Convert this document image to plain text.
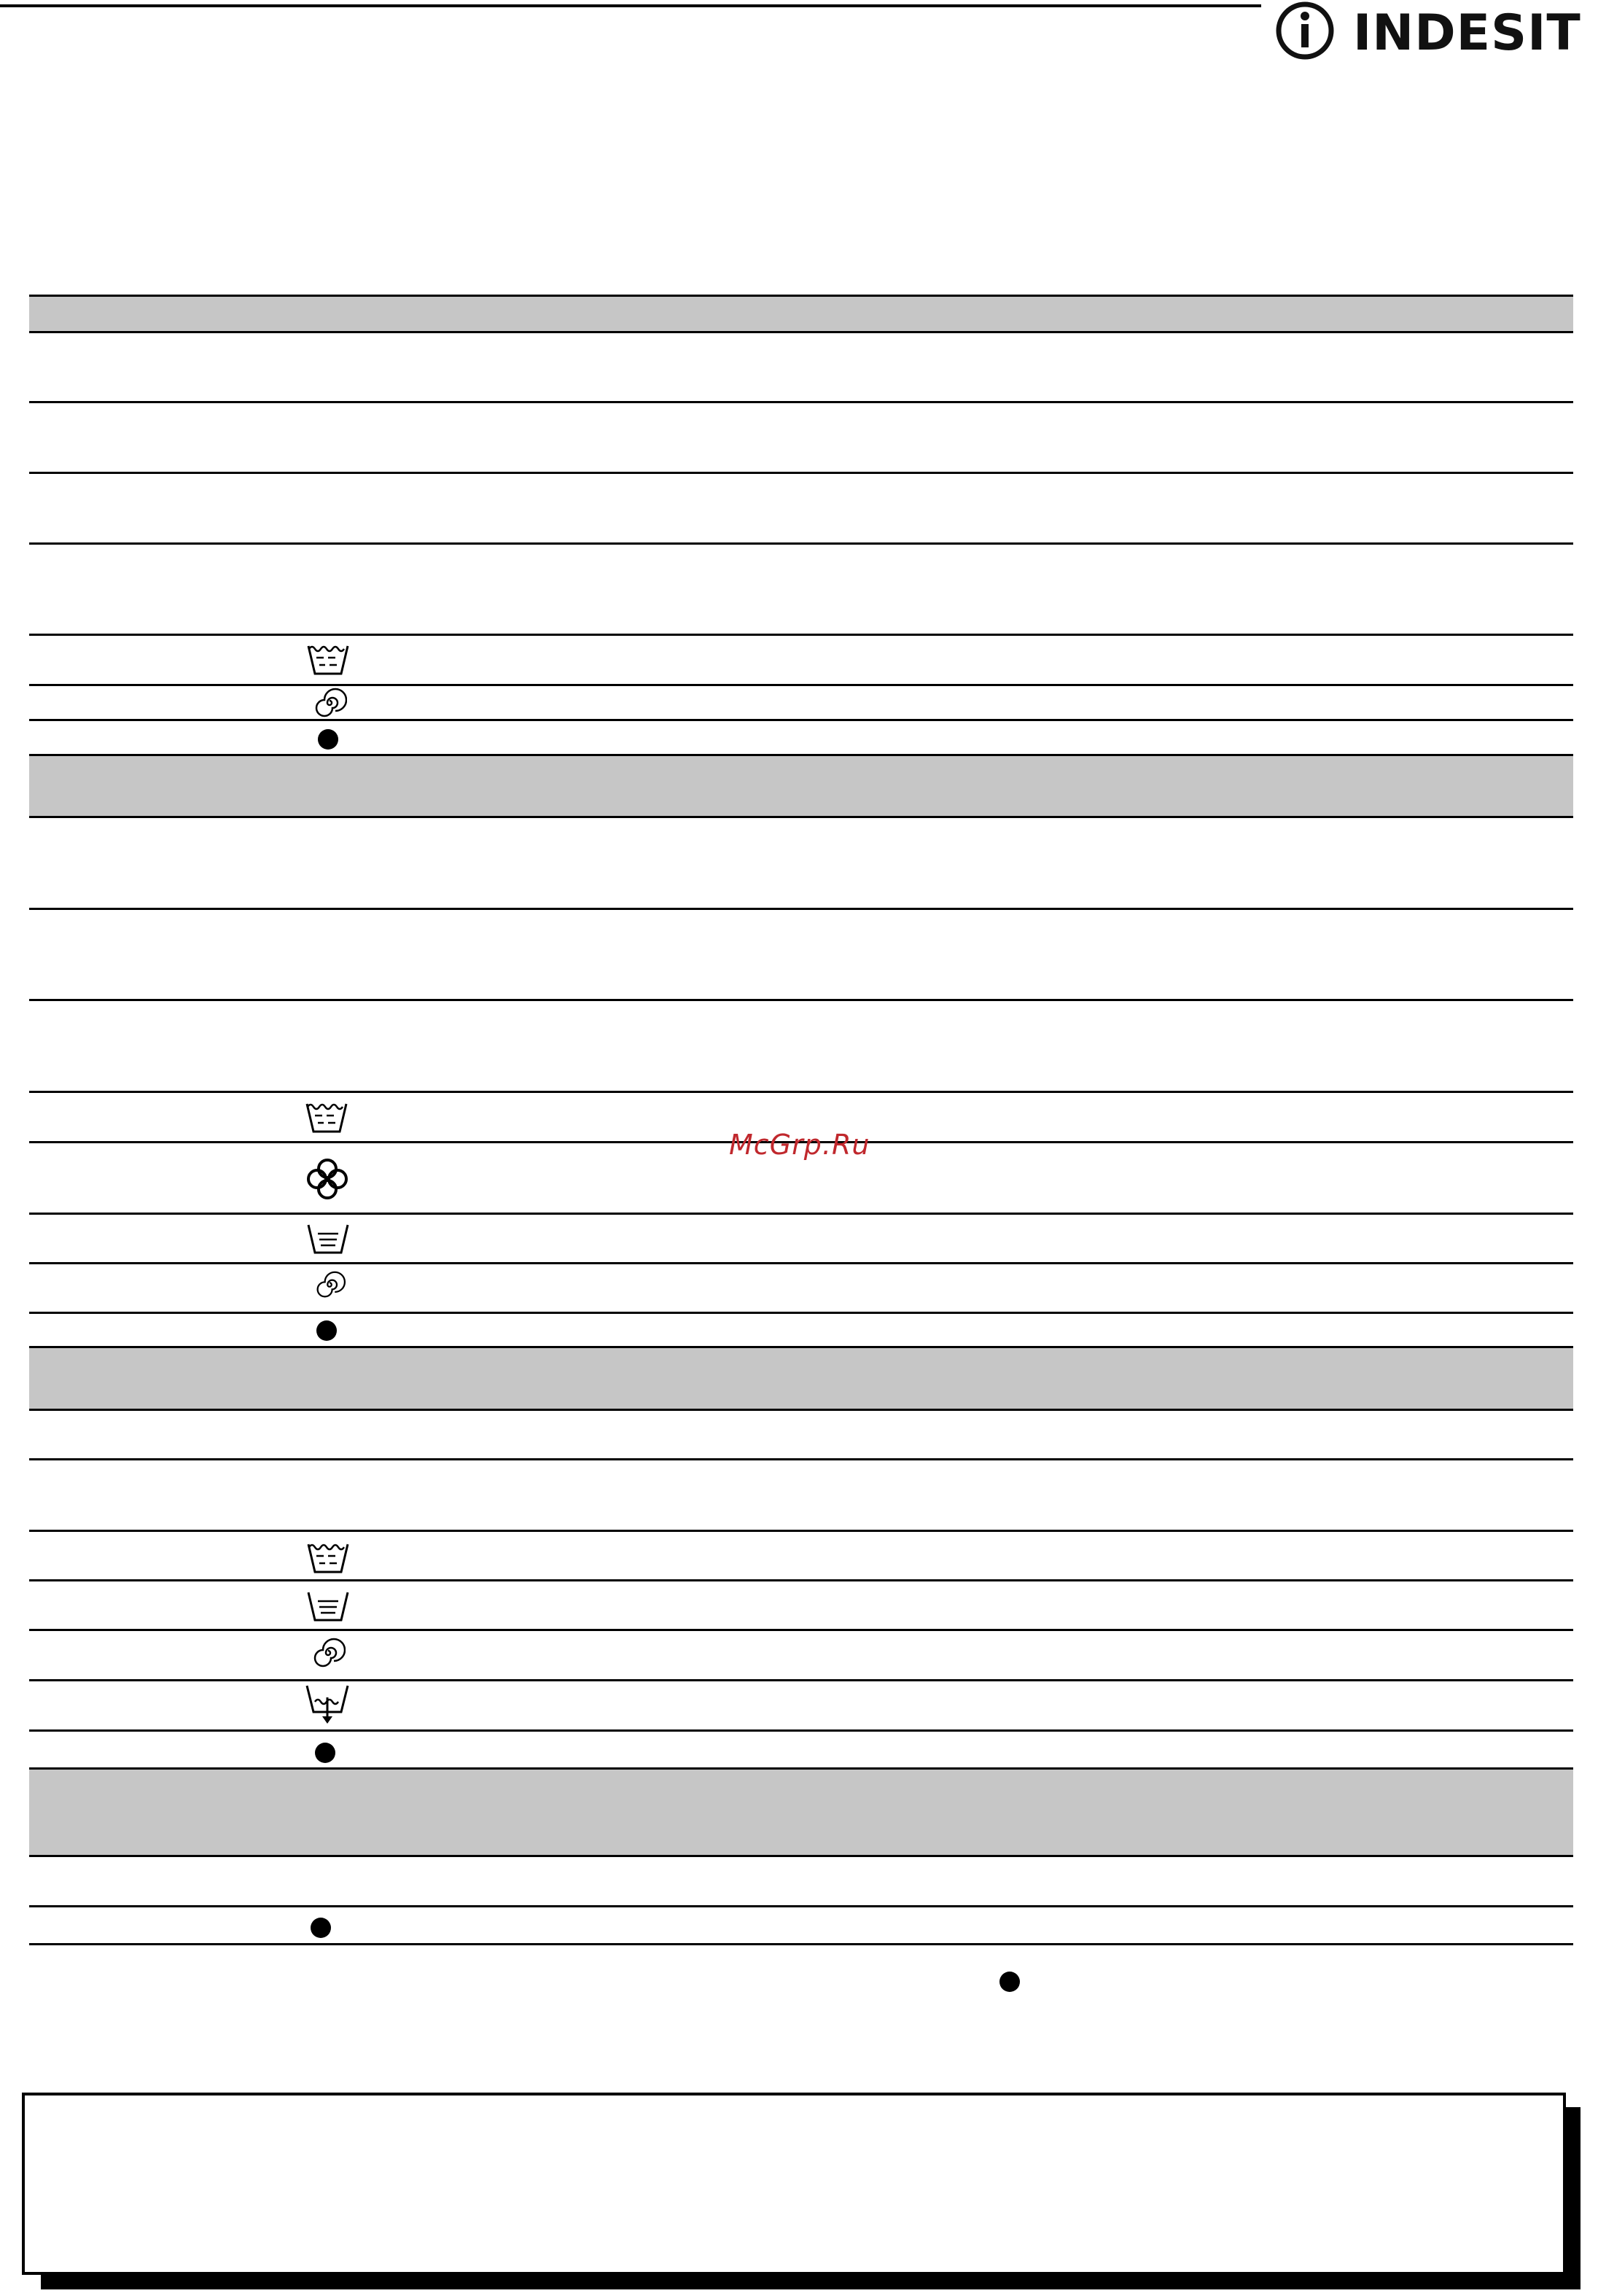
INDESIT
McGrp.Ru
